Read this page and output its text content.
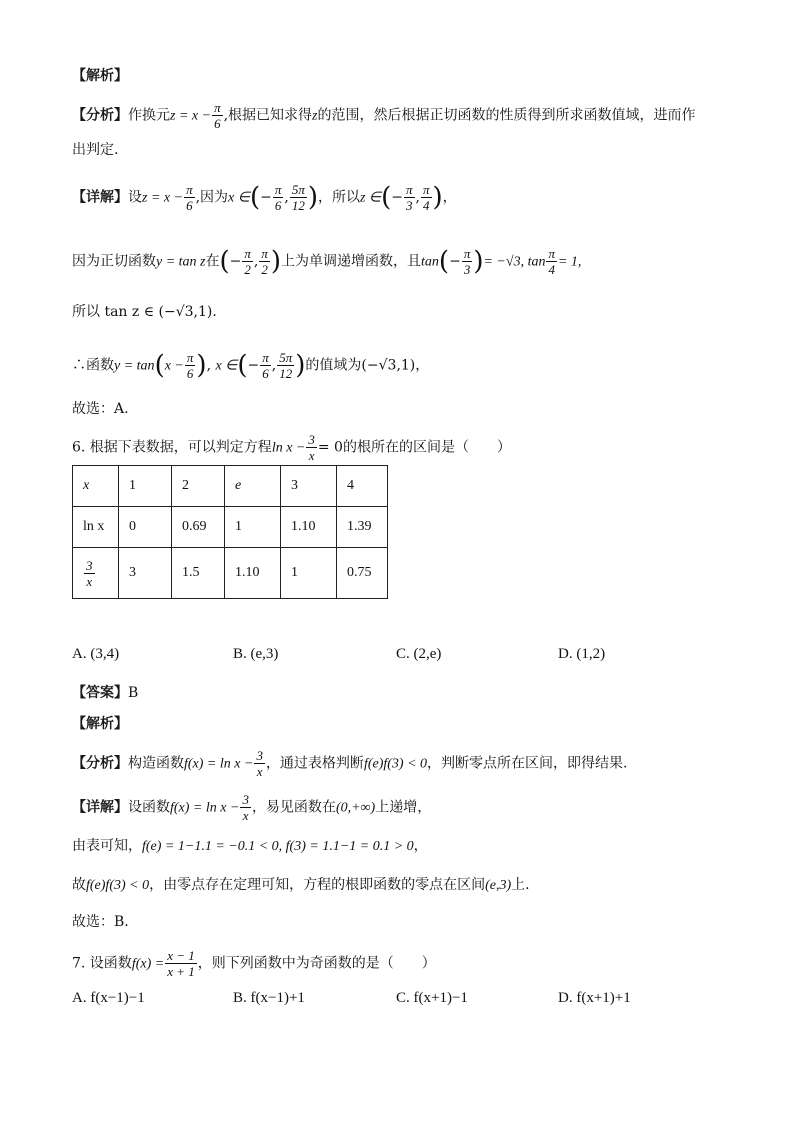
【解析】
【分析】作换元$z = x - \frac{\pi}{6}$ ,根据已知求得z的范围，然后根据正切函数的性质得到所求函数值域，进而作
出判定.
【详解】设$z = x - \frac{\pi}{6}$ ,因为x ∈(− $\frac{\pi}{6}$ , $\frac{5\pi}{12}$ )，所以z ∈(− $\frac{\pi}{3}$ , $\frac{\pi}{4}$ )，
因为正切函数y = tan z在(− $\frac{\pi}{2}$ , $\frac{\pi}{2}$ )上为单调递增函数，且$\tan(- \frac{\pi}{3}$ )= −√3, $\tan \frac{\pi}{4} = 1$,
所以 tan z ∈ (−√3,1).
∴函数$y = \tan(x - \frac{\pi}{6}$ ), x ∈(− $\frac{\pi}{6}$ , $\frac{5\pi}{12}$ )的值域为(−√3,1)，
故选：A.
6. 根据下表数据，可以判定方程$\ln x - \frac{3}{x} = 0$的根所在的区间是（　　）
x	1	2	e	3	4
ln x	0	0.69	1	1.10	1.39

$\frac{3}{x}$	3	1.5	1.10	1	0.75
A. (3,4)	B. (e,3)	C. (2,e)	D. (1,2)
【答案】B
【解析】
【分析】构造函数$f(x) = \ln x - \frac{3}{x}$ ，通过表格判断f(e)f(3) < 0，判断零点所在区间，即得结果.
【详解】设函数$f(x) = \ln x - \frac{3}{x}$ ，易见函数在(0,+∞)上递增，
由表可知，f(e) = 1−1.1 = −0.1 < 0, f(3) = 1.1−1 = 0.1 > 0，
故f(e)f(3) < 0，由零点存在定理可知，方程的根即函数的零点在区间(e,3)上.
故选：B.
7. 设函数$f(x) = \frac{x - 1}{x + 1}$ ，则下列函数中为奇函数的是（　　）
A. f(x−1)−1	B. f(x−1)+1	C. f(x+1)−1	D. f(x+1)+1
